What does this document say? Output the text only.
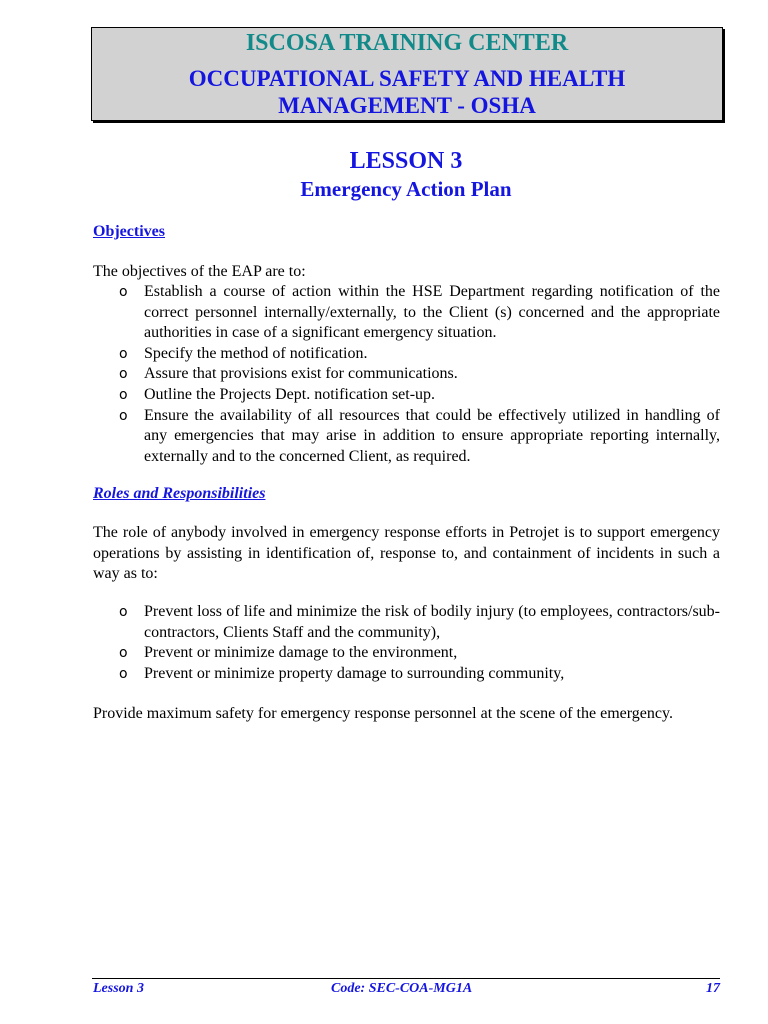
ISCOSA TRAINING CENTER
OCCUPATIONAL SAFETY AND HEALTH
MANAGEMENT - OSHA
LESSON 3
Emergency Action Plan
Objectives
The objectives of the EAP are to:
o Establish a course of action within the HSE Department regarding notification of the correct personnel internally/externally, to the Client (s) concerned and the appropriate authorities in case of a significant emergency situation.
o Specify the method of notification.
o Assure that provisions exist for communications.
o Outline the Projects Dept. notification set-up.
o Ensure the availability of all resources that could be effectively utilized in handling of any emergencies that may arise in addition to ensure appropriate reporting internally, externally and to the concerned Client, as required.
Roles and Responsibilities
The role of anybody involved in emergency response efforts in Petrojet is to support emergency operations by assisting in identification of, response to, and containment of incidents in such a way as to:
o Prevent loss of life and minimize the risk of bodily injury (to employees, contractors/sub-contractors, Clients Staff and the community),
o Prevent or minimize damage to the environment,
o Prevent or minimize property damage to surrounding community,
Provide maximum safety for emergency response personnel at the scene of the emergency.
Lesson 3	Code: SEC-COA-MG1A	17
